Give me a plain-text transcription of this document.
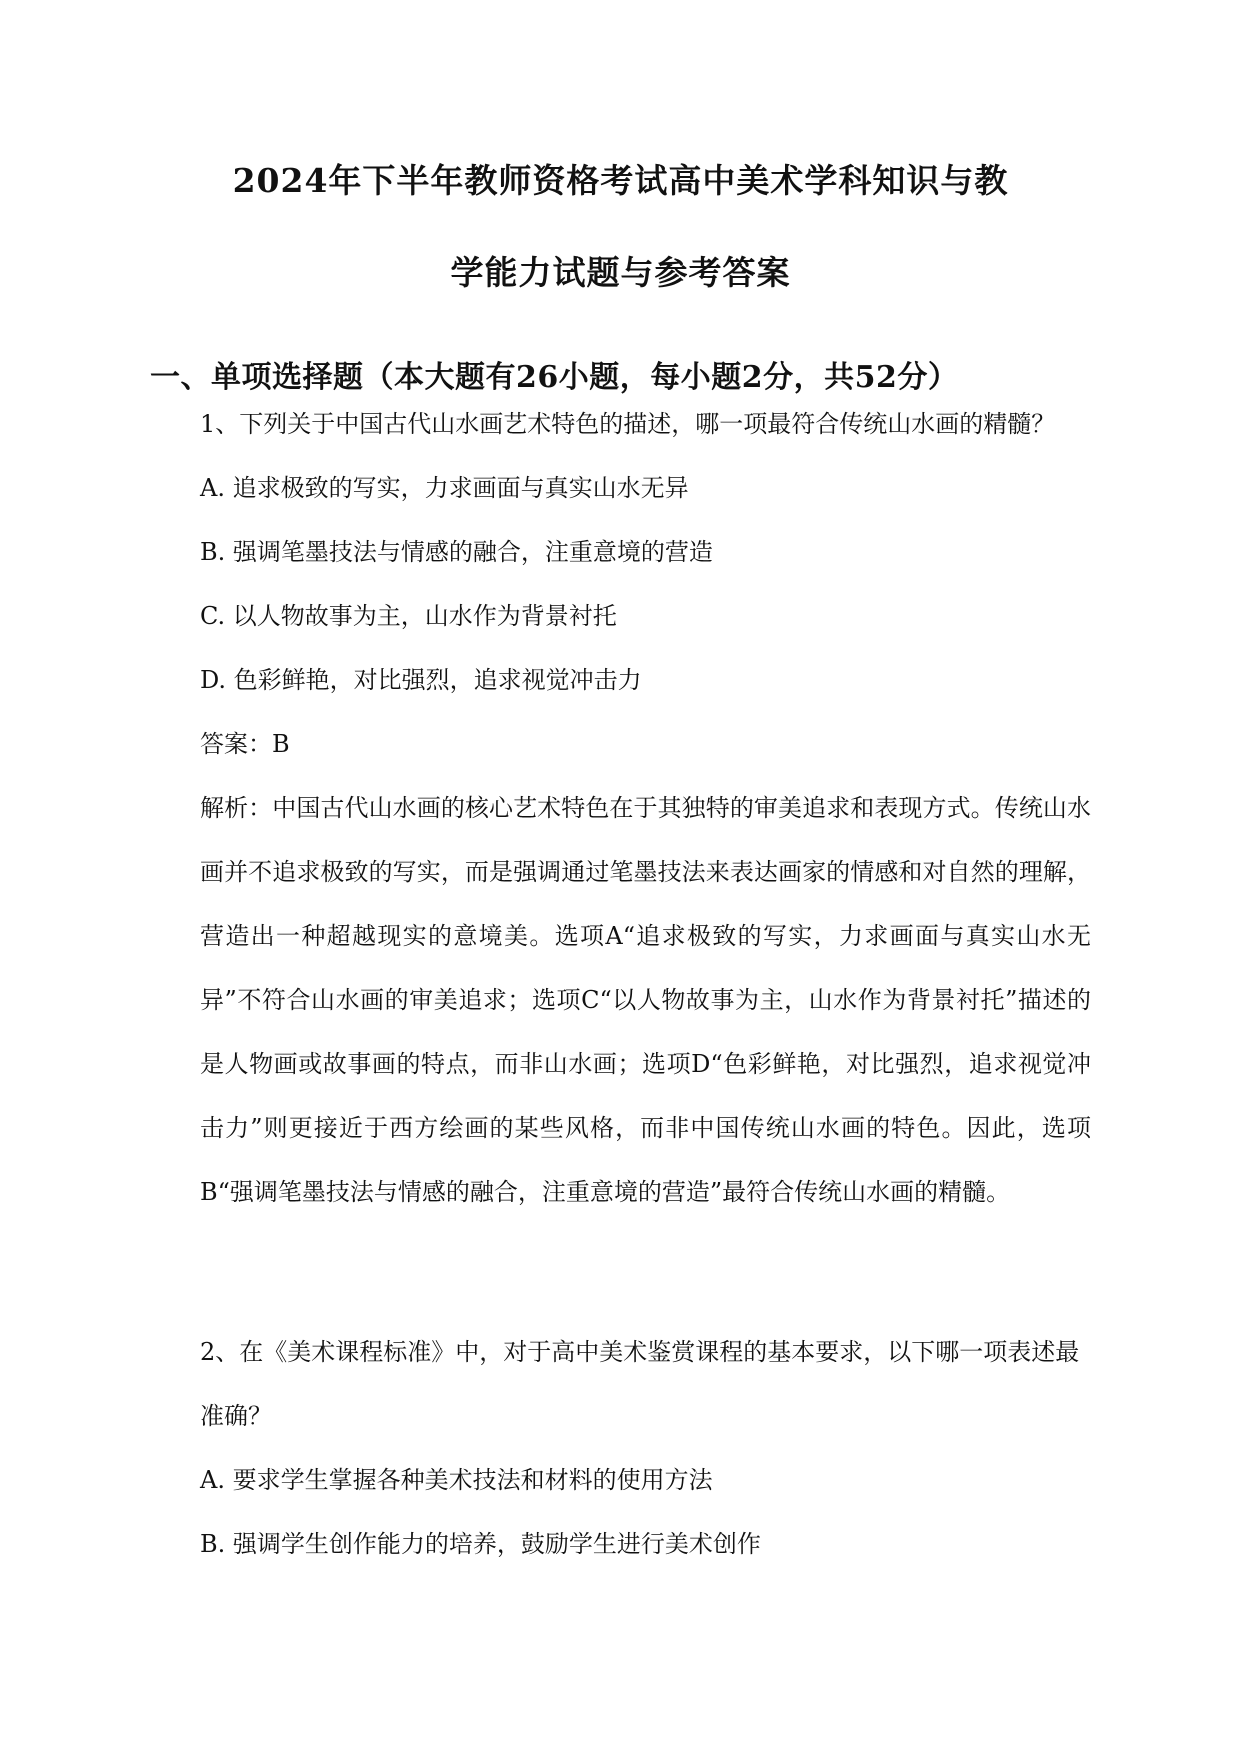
2024年下半年教师资格考试高中美术学科知识与教
学能力试题与参考答案
一、单项选择题（本大题有26小题，每小题2分，共52分）
1、下列关于中国古代山水画艺术特色的描述，哪一项最符合传统山水画的精髓？
A. 追求极致的写实，力求画面与真实山水无异
B. 强调笔墨技法与情感的融合，注重意境的营造
C. 以人物故事为主，山水作为背景衬托
D. 色彩鲜艳，对比强烈，追求视觉冲击力
答案：B
解析：中国古代山水画的核心艺术特色在于其独特的审美追求和表现方式。传统山水画并不追求极致的写实，而是强调通过笔墨技法来表达画家的情感和对自然的理解，营造出一种超越现实的意境美。选项A“追求极致的写实，力求画面与真实山水无异”不符合山水画的审美追求；选项C“以人物故事为主，山水作为背景衬托”描述的是人物画或故事画的特点，而非山水画；选项D“色彩鲜艳，对比强烈，追求视觉冲击力”则更接近于西方绘画的某些风格，而非中国传统山水画的特色。因此，选项B“强调笔墨技法与情感的融合，注重意境的营造”最符合传统山水画的精髓。
2、在《美术课程标准》中，对于高中美术鉴赏课程的基本要求，以下哪一项表述最准确？
A. 要求学生掌握各种美术技法和材料的使用方法
B. 强调学生创作能力的培养，鼓励学生进行美术创作
